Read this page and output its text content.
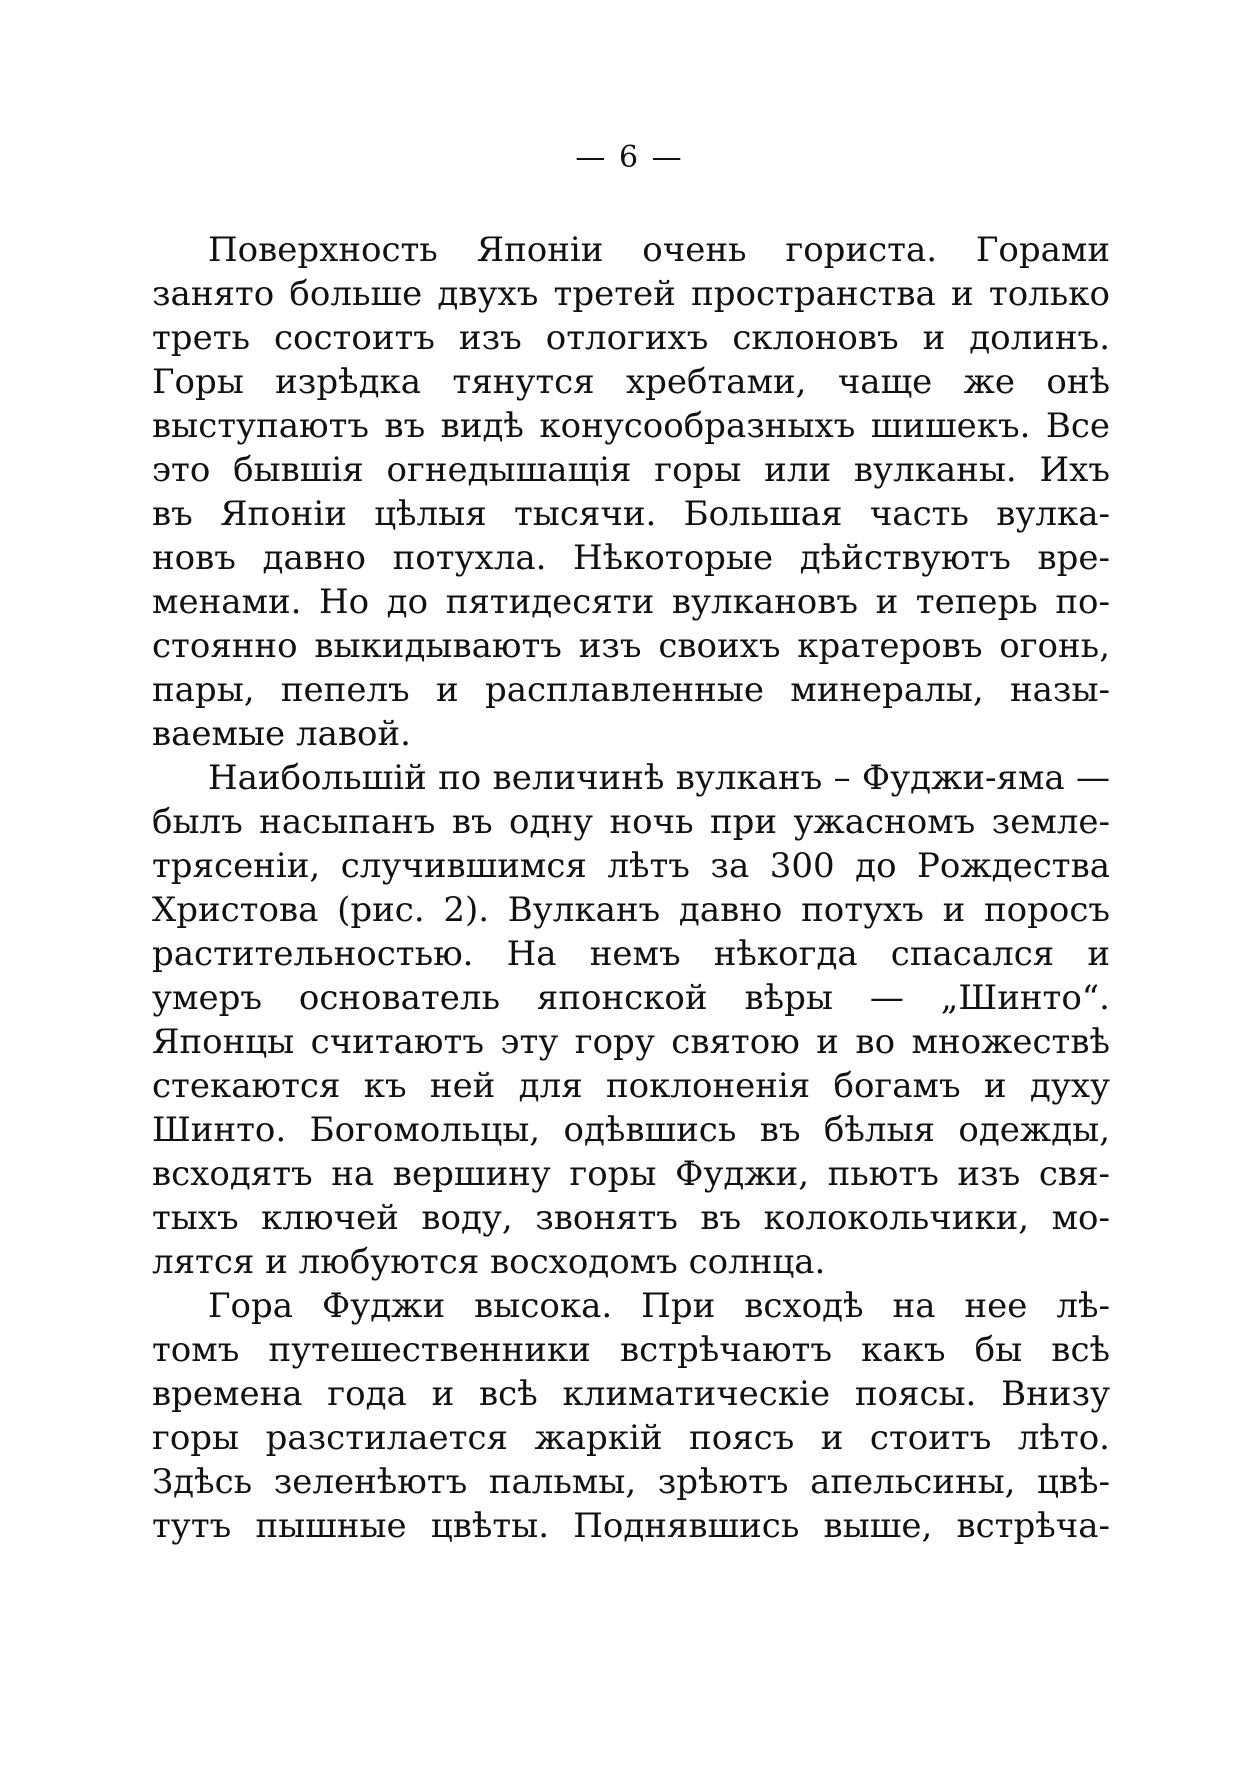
— 6 —
Поверхность Японіи очень гориста. Горами
занято больше двухъ третей пространства и только
треть состоитъ изъ отлогихъ склоновъ и долинъ.
Горы изрѣдка тянутся хребтами, чаще же онѣ
выступаютъ въ видѣ конусообразныхъ шишекъ. Все
это бывшія огнедышащія горы или вулканы. Ихъ
въ Японіи цѣлыя тысячи. Большая часть вулка-
новъ давно потухла. Нѣкоторые дѣйствуютъ вре-
менами. Но до пятидесяти вулкановъ и теперь по-
стоянно выкидываютъ изъ своихъ кратеровъ огонь,
пары, пепелъ и расплавленные минералы, назы-
ваемые лавой.
Наибольшій по величинѣ вулканъ – Фуджи-яма —
былъ насыпанъ въ одну ночь при ужасномъ земле-
трясеніи, случившимся лѣтъ за 300 до Рождества
Христова (рис. 2). Вулканъ давно потухъ и поросъ
растительностью. На немъ нѣкогда спасался и
умеръ основатель японской вѣры — „Шинто“.
Японцы считаютъ эту гору святою и во множествѣ
стекаются къ ней для поклоненія богамъ и духу
Шинто. Богомольцы, одѣвшись въ бѣлыя одежды,
всходятъ на вершину горы Фуджи, пьютъ изъ свя-
тыхъ ключей воду, звонятъ въ колокольчики, мо-
лятся и любуются восходомъ солнца.
Гора Фуджи высока. При всходѣ на нее лѣ-
томъ путешественники встрѣчаютъ какъ бы всѣ
времена года и всѣ климатическіе поясы. Внизу
горы разстилается жаркій поясъ и стоитъ лѣто.
Здѣсь зеленѣютъ пальмы, зрѣютъ апельсины, цвѣ-
тутъ пышные цвѣты. Поднявшись выше, встрѣча-
